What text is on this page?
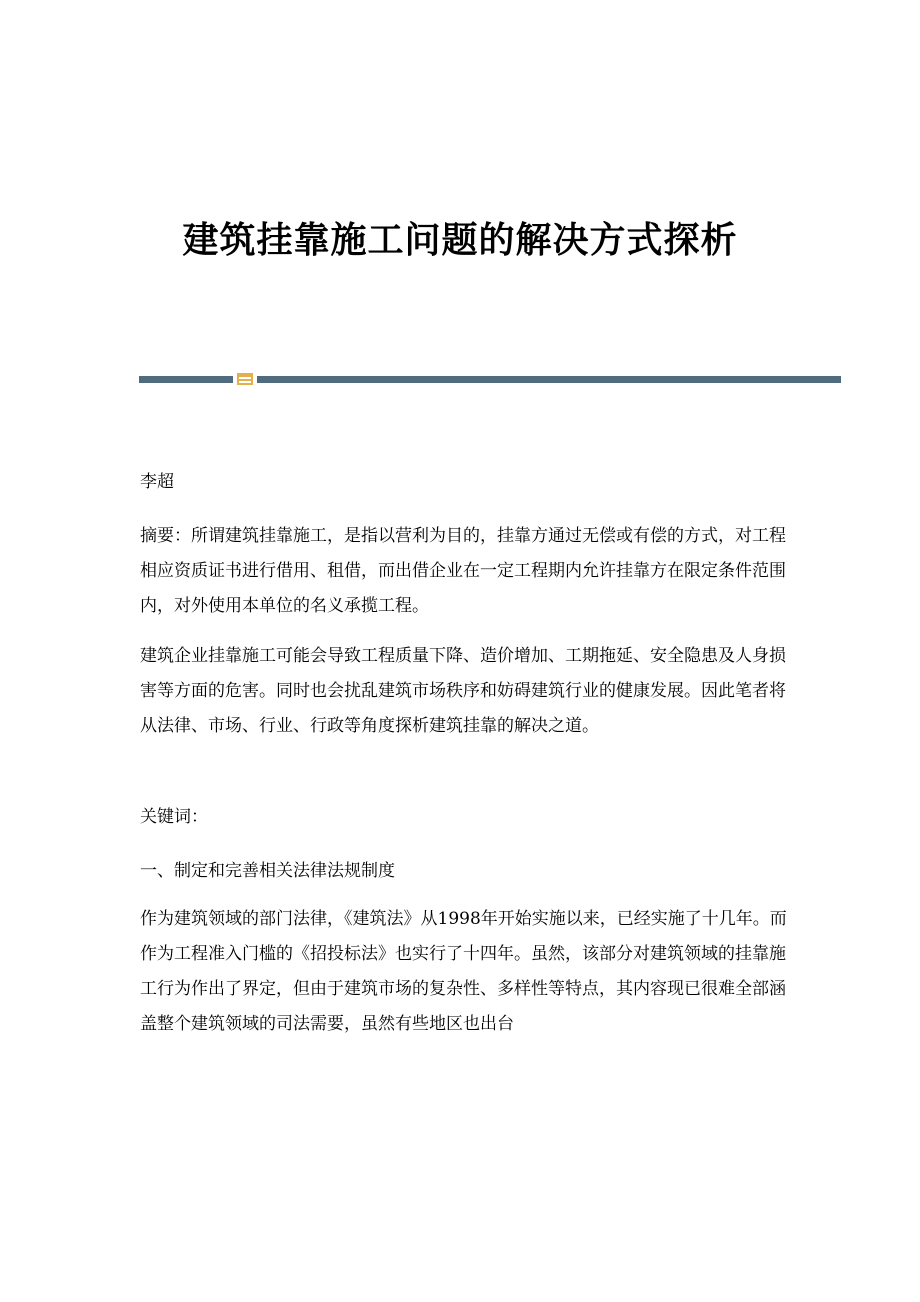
建筑挂靠施工问题的解决方式探析

李超

摘要：所谓建筑挂靠施工，是指以营利为目的，挂靠方通过无偿或有偿的方式，对工程相应资质证书进行借用、租借，而出借企业在一定工程期内允许挂靠方在限定条件范围内，对外使用本单位的名义承揽工程。

建筑企业挂靠施工可能会导致工程质量下降、造价增加、工期拖延、安全隐患及人身损害等方面的危害。同时也会扰乱建筑市场秩序和妨碍建筑行业的健康发展。因此笔者将从法律、市场、行业、行政等角度探析建筑挂靠的解决之道。

关键词：

一、制定和完善相关法律法规制度

作为建筑领域的部门法律，《建筑法》从1998年开始实施以来，已经实施了十几年。而作为工程准入门槛的《招投标法》也实行了十四年。虽然，该部分对建筑领域的挂靠施工行为作出了界定，但由于建筑市场的复杂性、多样性等特点，其内容现已很难全部涵盖整个建筑领域的司法需要，虽然有些地区也出台
